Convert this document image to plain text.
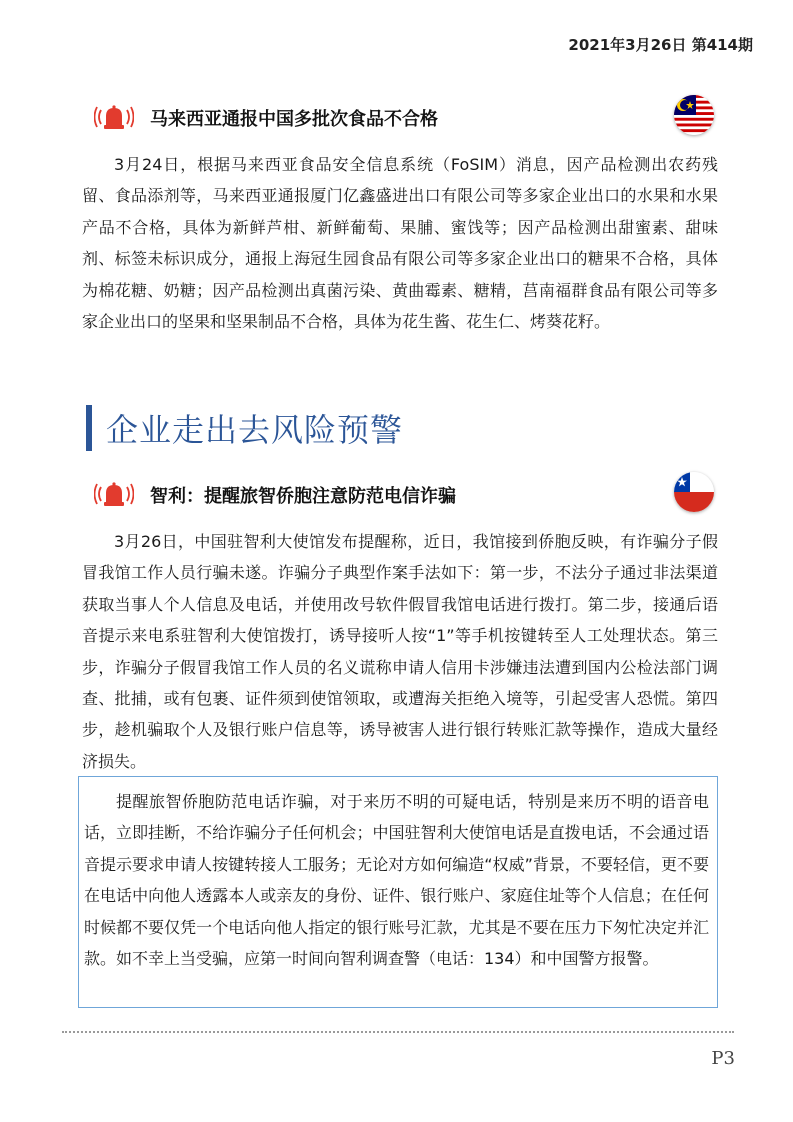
2021年3月26日 第414期
马来西亚通报中国多批次食品不合格

3月24日，根据马来西亚食品安全信息系统（FoSIM）消息，因产品检测出农药残留、食品添剂等，马来西亚通报厦门亿鑫盛进出口有限公司等多家企业出口的水果和水果产品不合格，具体为新鲜芦柑、新鲜葡萄、果脯、蜜饯等；因产品检测出甜蜜素、甜味剂、标签未标识成分，通报上海冠生园食品有限公司等多家企业出口的糖果不合格，具体为棉花糖、奶糖；因产品检测出真菌污染、黄曲霉素、糖精，莒南福群食品有限公司等多家企业出口的坚果和坚果制品不合格，具体为花生酱、花生仁、烤葵花籽。

企业走出去风险预警
智利：提醒旅智侨胞注意防范电信诈骗

3月26日，中国驻智利大使馆发布提醒称，近日，我馆接到侨胞反映，有诈骗分子假冒我馆工作人员行骗未遂。诈骗分子典型作案手法如下：第一步，不法分子通过非法渠道获取当事人个人信息及电话，并使用改号软件假冒我馆电话进行拨打。第二步，接通后语音提示来电系驻智利大使馆拨打，诱导接听人按“1”等手机按键转至人工处理状态。第三步，诈骗分子假冒我馆工作人员的名义谎称申请人信用卡涉嫌违法遭到国内公检法部门调查、批捕，或有包裹、证件须到使馆领取，或遭海关拒绝入境等，引起受害人恐慌。第四步，趁机骗取个人及银行账户信息等，诱导被害人进行银行转账汇款等操作，造成大量经济损失。

提醒旅智侨胞防范电话诈骗，对于来历不明的可疑电话，特别是来历不明的语音电话，立即挂断，不给诈骗分子任何机会；中国驻智利大使馆电话是直拨电话，不会通过语音提示要求申请人按键转接人工服务；无论对方如何编造“权威”背景，不要轻信，更不要在电话中向他人透露本人或亲友的身份、证件、银行账户、家庭住址等个人信息；在任何时候都不要仅凭一个电话向他人指定的银行账号汇款，尤其是不要在压力下匆忙决定并汇款。如不幸上当受骗，应第一时间向智利调查警（电话：134）和中国警方报警。

P3
